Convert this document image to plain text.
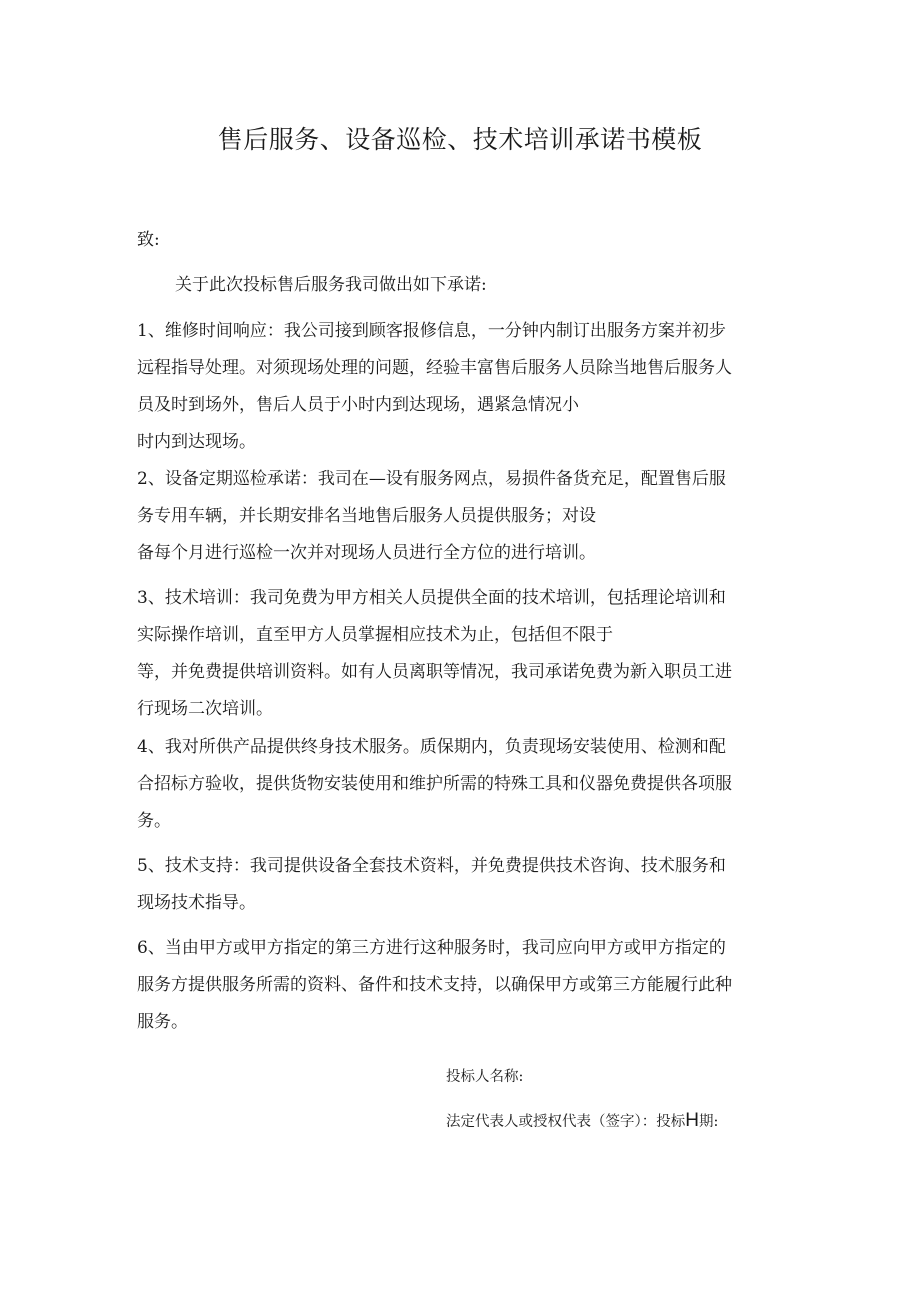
售后服务、设备巡检、技术培训承诺书模板
致:
关于此次投标售后服务我司做出如下承诺:
1、维修时间响应：我公司接到顾客报修信息，一分钟内制订出服务方案并初步
远程指导处理。对须现场处理的问题，经验丰富售后服务人员除当地售后服务人
员及时到场外，售后人员于小时内到达现场，遇紧急情况小
时内到达现场。
2、设备定期巡检承诺：我司在—设有服务网点，易损件备货充足，配置售后服
务专用车辆，并长期安排名当地售后服务人员提供服务；对设
备每个月进行巡检一次并对现场人员进行全方位的进行培训。
3、技术培训：我司免费为甲方相关人员提供全面的技术培训，包括理论培训和
实际操作培训，直至甲方人员掌握相应技术为止，包括但不限于
等，并免费提供培训资料。如有人员离职等情况，我司承诺免费为新入职员工进
行现场二次培训。
4、我对所供产品提供终身技术服务。质保期内，负责现场安装使用、检测和配
合招标方验收，提供货物安装使用和维护所需的特殊工具和仪器免费提供各项服
务。
5、技术支持：我司提供设备全套技术资料，并免费提供技术咨询、技术服务和
现场技术指导。
6、当由甲方或甲方指定的第三方进行这种服务时，我司应向甲方或甲方指定的
服务方提供服务所需的资料、备件和技术支持，以确保甲方或第三方能履行此种
服务。
投标人名称:
法定代表人或授权代表（签字）：投标H期:
